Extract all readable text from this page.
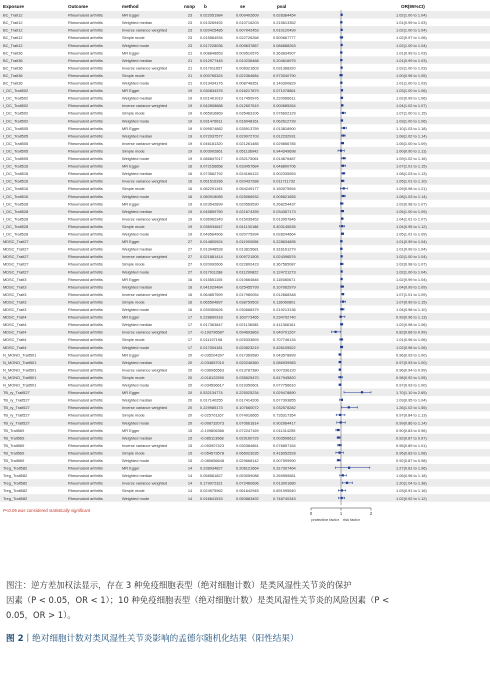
Exposure	Outcome	method	nsnp b	se	pval	OR(95%CI)
BC_Trait12	Rheumatoid arthritis	MR Egger	23 0.022051984	0.009402609	0.028384454	1.02(1.00 to 1.04)
BC_Trait12	Rheumatoid arthritis	Weighted median	23 0.013269492	0.010716203	0.215613352	1.01(0.99 to 1.03)
BC_Trait12	Rheumatoid arthritis	Inverse variance weighted	23 0.020425485	0.007942453	0.010120499	1.02(1.00 to 1.04)
BC_Trait12	Rheumatoid arthritis	Simple mode	23 0.015564934	0.022726268	0.500667777	1.02(0.97 to 1.06)
BC_Trait12	Rheumatoid arthritis	Weighted mode	23 0.017228036	0.009637887	0.086888263	1.02(1.00 to 1.04)
BC_Trait36	Rheumatoid arthritis	MR Egger	21 0.008848653	0.009510576	0.363834907	1.01(0.99 to 1.03)
BC_Trait36	Rheumatoid arthritis	Weighted median	21 0.012977445	0.010236488	0.204616975	1.01(0.99 to 1.03)
BC_Trait36	Rheumatoid arthritis	Inverse variance weighted	21 0.017911657	0.008321603	0.031368320	1.02(1.00 to 1.03)
BC_Trait36	Rheumatoid arthritis	Simple mode	21 0.000765324	0.022364684	0.973040790	1.00(0.96 to 1.05)
BC_Trait36	Rheumatoid arthritis	Weighted mode	21 0.013434176	0.008748351	0.140300829	1.01(1.00 to 1.03)
I_DC_Trait502	Rheumatoid arthritis	MR Egger	19 0.030834376	0.016217879	0.071078861	1.03(1.00 to 1.06)
I_DC_Trait502	Rheumatoid arthritis	Weighted median	19 0.021401019	0.017450976	0.220066611	1.02(0.99 to 1.06)
I_DC_Trait502	Rheumatoid arthritis	Inverse variance weighted	19 0.042808688	0.012607619	0.000685264	1.04(1.02 to 1.07)
I_DC_Trait502	Rheumatoid arthritis	Simple mode	19 0.065916869	0.035463106	0.076602129	1.07(1.00 to 1.15)
I_DC_Trait502	Rheumatoid arthritis	Weighted mode	19 0.031476611	0.016048161	0.062612739	1.03(1.00 to 1.06)
I_DC_Trait505	Rheumatoid arthritis	MR Egger	19 0.099574682	0.035913759	0.013818900	1.10(1.03 to 1.18)
I_DC_Trait505	Rheumatoid arthritis	Weighted median	19 0.072037577	0.029072703	0.012232931	1.08(1.02 to 1.14)
I_DC_Trait505	Rheumatoid arthritis	Inverse variance weighted	19 0.046181320	0.021261485	0.029856785	1.05(1.00 to 1.09)
I_DC_Trait505	Rheumatoid arthritis	Simple mode	19 0.003902861	0.051136942	0.944349698	1.00(0.90 to 1.11)
I_DC_Trait505	Rheumatoid arthritis	Weighted mode	19 0.086847017	0.032175061	0.014676487	1.09(1.02 to 1.16)
I_DC_Trait516	Rheumatoid arthritis	MR Egger	16 0.072156658	0.033457684	0.048800706	1.07(1.01 to 1.15)
I_DC_Trait516	Rheumatoid arthritis	Weighted median	16 0.073562792	0.024166122	0.002335953	1.08(1.03 to 1.13)
I_DC_Trait516	Rheumatoid arthritis	Inverse variance weighted	16 0.051516336	0.020437288	0.011711732	1.05(1.01 to 1.10)
I_DC_Trait516	Rheumatoid arthritis	Simple mode	16 0.082291193	0.054249177	0.150075594	1.09(0.98 to 1.21)
I_DC_Trait516	Rheumatoid arthritis	Weighted mode	16 0.080918085	0.025066932	0.005621655	1.08(1.03 to 1.14)
I_DC_Trait528	Rheumatoid arthritis	MR Egger	19 0.023542899	0.020569530	0.268254437	1.02(0.98 to 1.07)
I_DC_Trait528	Rheumatoid arthritis	Weighted median	19 0.045859750	0.021674339	0.034357173	1.05(1.00 to 1.09)
I_DC_Trait528	Rheumatoid arthritis	Inverse variance weighted	19 0.036962349	0.015035452	0.013957846	1.04(1.01 to 1.07)
I_DC_Trait528	Rheumatoid arthritis	Simple mode	19 0.036934647	0.041130188	0.403145535	1.04(0.95 to 1.12)
I_DC_Trait528	Rheumatoid arthritis	Weighted mode	19 0.049564906	0.020775994	0.028244664	1.05(1.01 to 1.09)
MDSC_Trait27	Rheumatoid arthritis	MR Egger	27 0.014800924	0.011993098	0.228634895	1.01(0.99 to 1.04)
MDSC_Trait27	Rheumatoid arthritis	Weighted median	27 0.013948528	0.013815681	0.316161279	1.01(0.99 to 1.04)
MDSC_Trait27	Rheumatoid arthritis	Inverse variance weighted	27 0.021881414	0.009721505	0.024396576	1.02(1.00 to 1.04)
MDSC_Trait27	Rheumatoid arthritis	Simple mode	27 0.020992606	0.022892423	0.367565087	1.02(0.98 to 1.07)
MDSC_Trait27	Rheumatoid arthritis	Weighted mode	27 0.017911288	0.011290822	0.124721273	1.02(1.00 to 1.04)
MDSC_Trait3	Rheumatoid arthritis	MR Egger	16 0.015551105	0.010664846	0.115580671	1.02(0.99 to 1.04)
MDSC_Trait3	Rheumatoid arthritis	Weighted median	16 0.041029484	0.025455799	0.107062979	1.04(0.99 to 1.09)
MDSC_Trait3	Rheumatoid arthritis	Inverse variance weighted	16 0.064857599	0.017980054	0.012668348	1.07(1.01 to 1.09)
MDSC_Trait3	Rheumatoid arthritis	Simple mode	16 0.065504897	0.038759502	0.116060801	1.07(0.99 to 1.15)
MDSC_Trait3	Rheumatoid arthritis	Weighted mode	16 0.039350626	0.030668379	0.219213136	1.04(0.98 to 1.10)
MDSC_Trait4	Rheumatoid arthritis	MR Egger	17 0.228890318	0.160773465	0.234792740	0.99(0.96 to 1.13)
MDSC_Trait4	Rheumatoid arthritis	Weighted median	17 0.017363847	0.021136085	0.411368161	1.02(0.98 to 1.06)
MDSC_Trait4	Rheumatoid arthritis	Inverse variance weighted	17 -0.193796587	0.094693863	0.040701267	0.82(0.68 to 0.99)
MDSC_Trait4	Rheumatoid arthritis	Simple mode	17 0.011197198	0.025333693	0.707746134	1.01(0.96 to 1.06)
MDSC_Trait4	Rheumatoid arthritis	Weighted mode	17 0.017004181	0.020823219	0.426105522	1.02(0.98 to 1.06)
N_MONO_Trait501	Rheumatoid arthritis	MR Egger	20 -0.035204397	0.017369580	0.043578899	0.96(0.93 to 1.00)
N_MONO_Trait501	Rheumatoid arthritis	Weighted median	20 -0.034657010	0.020246360	0.086939983	0.97(0.93 to 1.00)
N_MONO_Trait501	Rheumatoid arthritis	Inverse variance weighted	20 -0.036966563	0.013787380	0.007336120	0.96(0.94 to 0.99)
N_MONO_Trait501	Rheumatoid arthritis	Simple mode	20 -0.018122590	0.035625470	0.617945820	0.98(0.92 to 1.05)
N_MONO_Trait501	Rheumatoid arthritis	Weighted mode	20 -0.034596617	0.019350601	0.077756610	0.97(0.93 to 1.00)
TB_ry_Trait527	Rheumatoid arthritis	MR Egger	20 0.532134774	0.225025234	0.029478890	1.70(1.10 to 2.65)
TB_ry_Trait527	Rheumatoid arthritis	Weighted median	20 0.017140255	0.017414206	0.677393855	1.03(0.95 to 1.04)
TB_ry_Trait527	Rheumatoid arthritis	Inverse variance weighted	20 0.229985173	0.107660072	0.032578282	1.26(1.02 to 1.55)
TB_ry_Trait527	Rheumatoid arthritis	Simple mode	20 -0.025701167	0.074916665	0.735317354	0.97(0.84 to 1.13)
TB_ry_Trait527	Rheumatoid arthritis	Weighted mode	20 -0.008732073	0.070661814	0.902964417	0.99(0.86 to 1.14)
TB_Trait569	Rheumatoid arthritis	MR Egger	15 -0.109806366	0.072247169	0.011314255	0.90(0.83 to 0.96)
TB_Trait569	Rheumatoid arthritis	Weighted median	15 -0.085113968	0.029160729	0.003506612	0.92(0.87 to 0.97)
TB_Trait569	Rheumatoid arthritis	Inverse variance weighted	15 -0.053907423	0.030384861	0.076857154	0.95(0.89 to 1.01)
TB_Trait569	Rheumatoid arthritis	Simple mode	15 -0.054573578	0.066023035	0.416052528	0.95(0.83 to 1.08)
TB_Trait569	Rheumatoid arthritis	Weighted mode	15 -0.080656648	0.029668142	0.007599990	0.92(0.87 to 0.98)
Treg_Trait582	Rheumatoid arthritis	MR Egger	14 0.238934827	0.208121664	0.317307464	1.27(0.81 to 1.96)
Treg_Trait582	Rheumatoid arthritis	Weighted median	14 0.058581827	0.053059088	0.269555581	1.06(0.96 to 1.18)
Treg_Trait582	Rheumatoid arthritis	Inverse variance weighted	14 0.179972321	0.072460696	0.013001680	1.20(1.04 to 1.38)
Treg_Trait582	Rheumatoid arthritis	Simple mode	14 0.024975962	0.061642945	0.691995540	1.03(0.91 to 1.16)
Treg_Trait582	Rheumatoid arthritis	Weighted mode	14 0.016641515	0.050863492	0.748740343	1.02(0.92 to 1.12)
0	1	2
protective factor risk factor
P<0.05 was considered statistically significant

图注：逆方差加权法显示，存在 3 种免疫细胞表型（绝对细胞计数）是类风湿性关节炎的保护
因素（P < 0.05，OR < 1）；10 种免疫细胞表型（绝对细胞计数）是类风湿性关节炎的风险因素（P <
0.05，OR > 1）。

图 2丨绝对细胞计数对类风湿性关节炎影响的孟德尔随机化结果（阳性结果）
